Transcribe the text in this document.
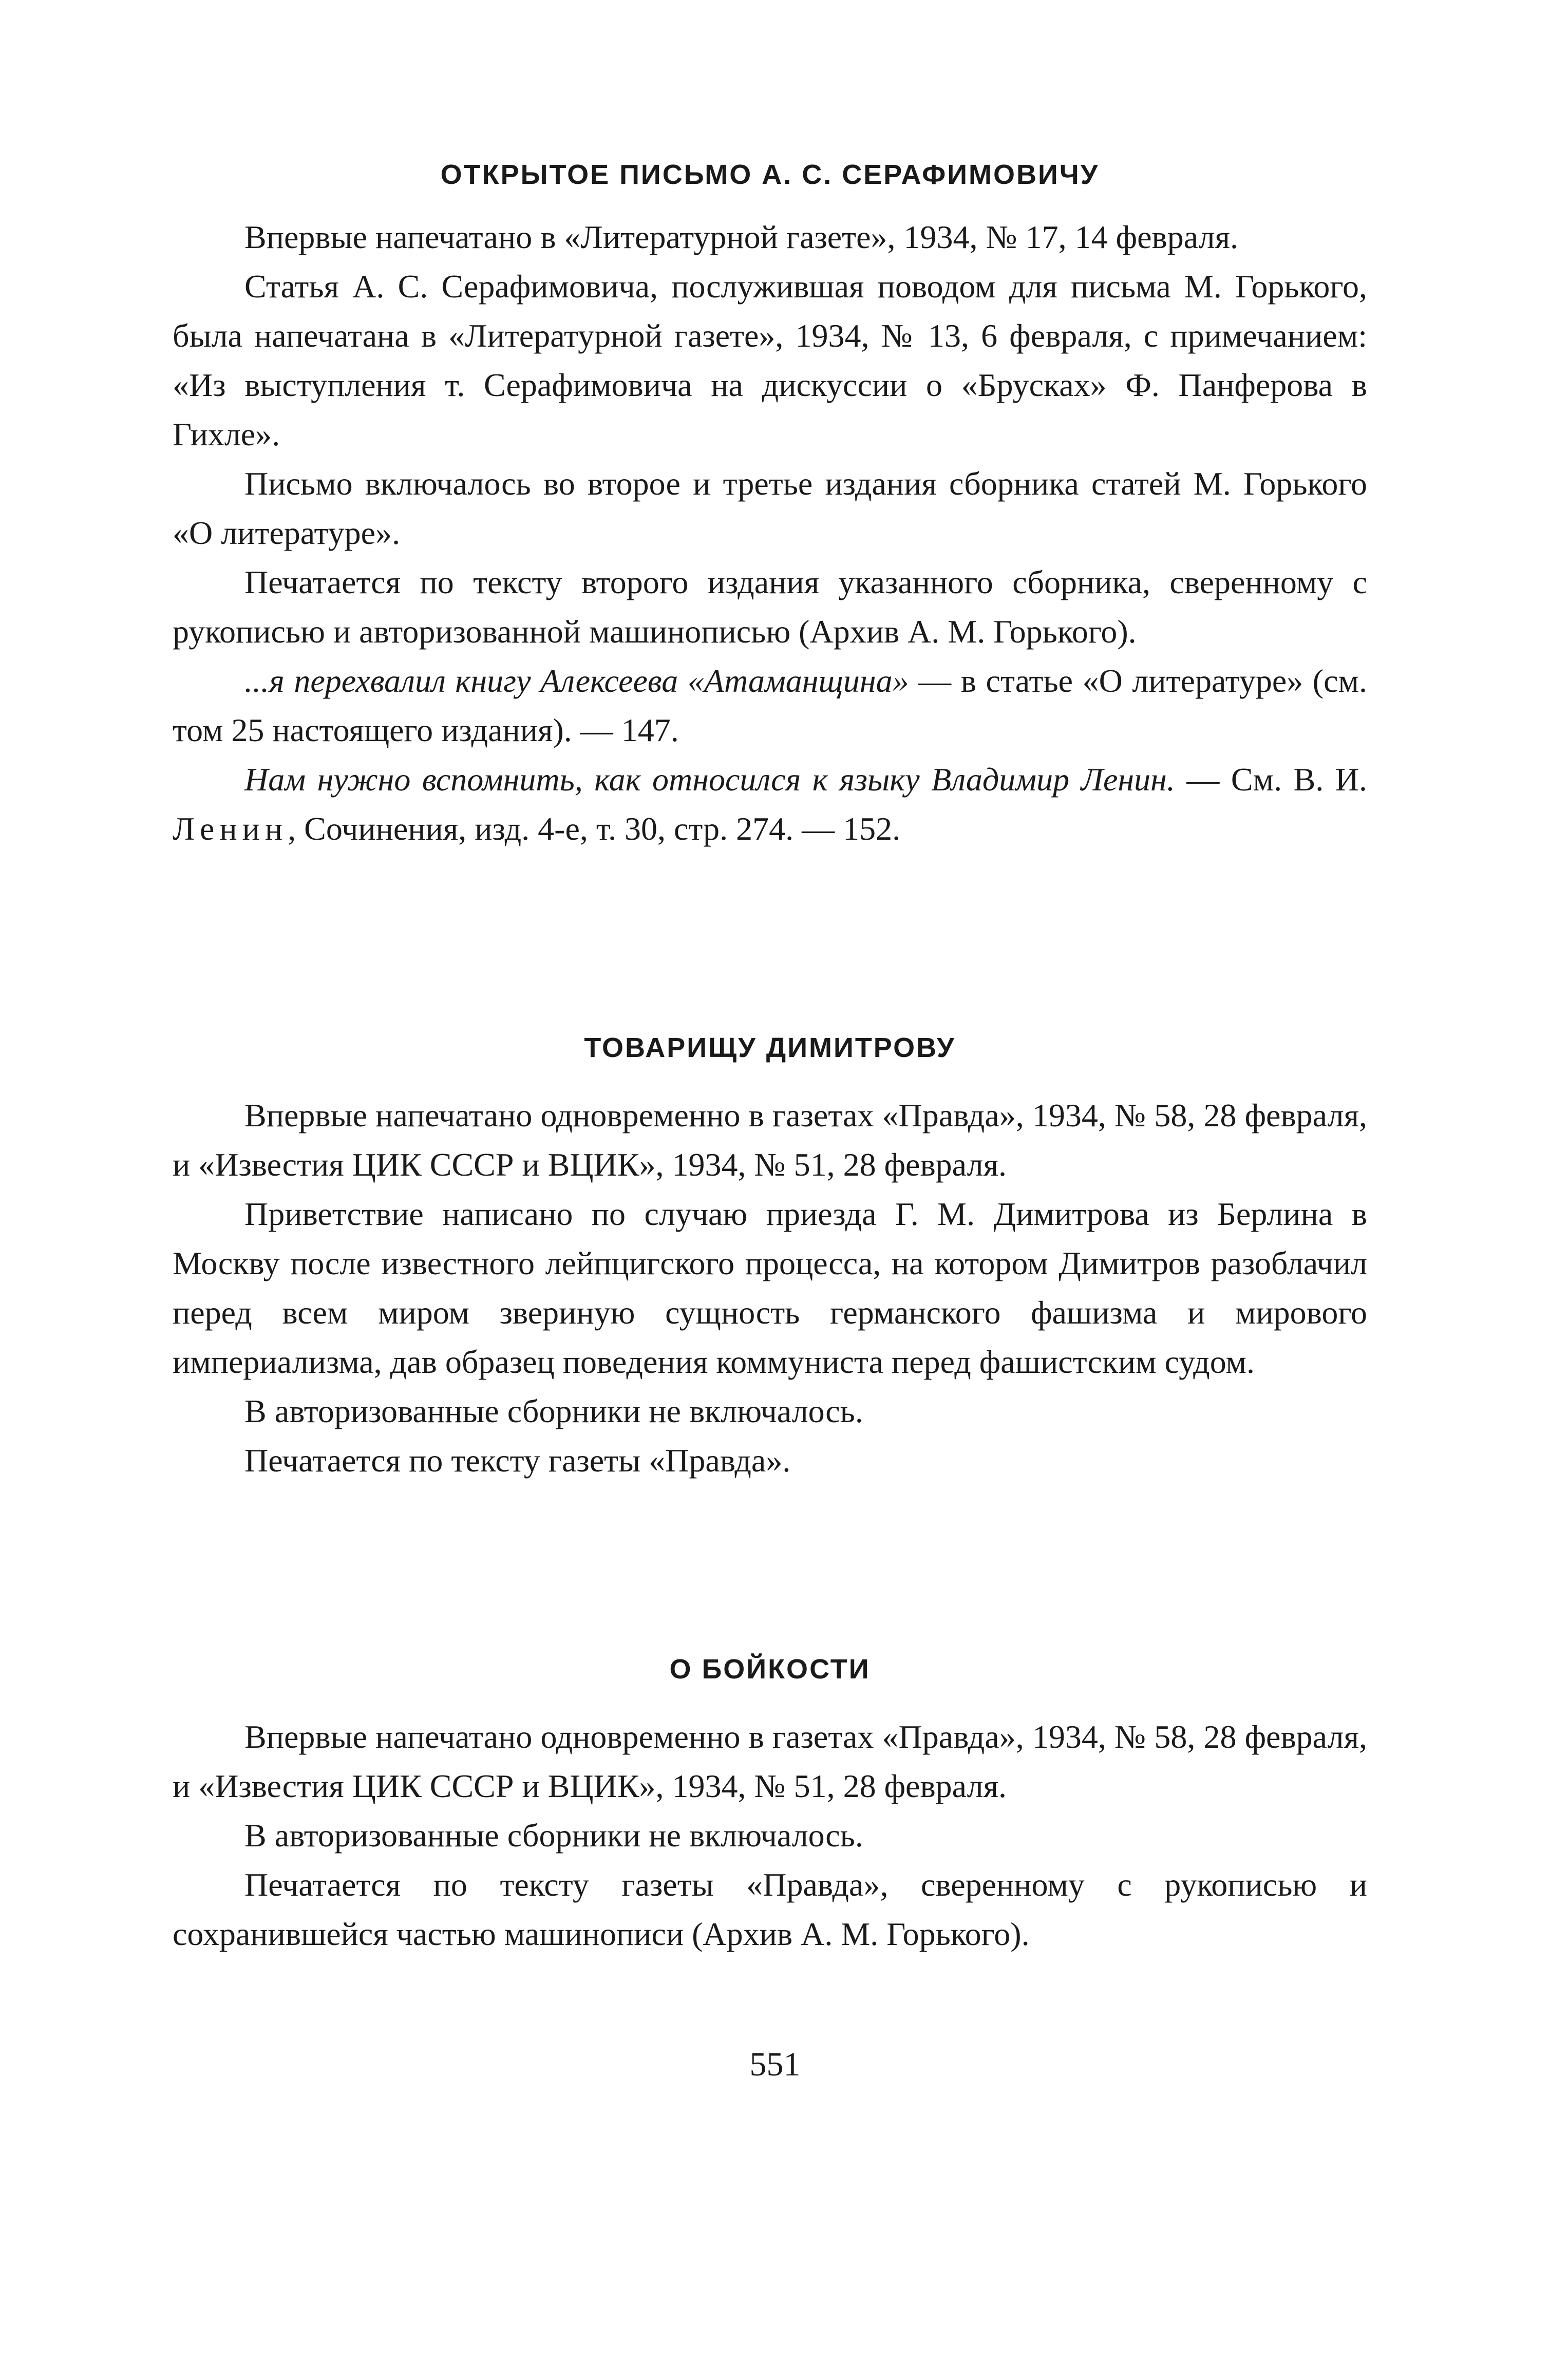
ОТКРЫТОЕ ПИСЬМО А. С. СЕРАФИМОВИЧУ

Впервые напечатано в «Литературной газете», 1934, № 17, 14 февраля.

Статья А. С. Серафимовича, послужившая поводом для письма М. Горького, была напечатана в «Литературной газете», 1934, № 13, 6 февраля, с примечанием: «Из выступления т. Серафимовича на дискуссии о «Брусках» Ф. Панферова в Гихле».

Письмо включалось во второе и третье издания сборника статей М. Горького «О литературе».

Печатается по тексту второго издания указанного сборника, сверенному с рукописью и авторизованной машинописью (Архив А. М. Горького).

...я перехвалил книгу Алексеева «Атаманщина» — в статье «О литературе» (см. том 25 настоящего издания). — 147.

Нам нужно вспомнить, как относился к языку Владимир Ленин. — См. В. И. Ленин, Сочинения, изд. 4-е, т. 30, стр. 274. — 152.

ТОВАРИЩУ ДИМИТРОВУ

Впервые напечатано одновременно в газетах «Правда», 1934, № 58, 28 февраля, и «Известия ЦИК СССР и ВЦИК», 1934, № 51, 28 февраля.

Приветствие написано по случаю приезда Г. М. Димитрова из Берлина в Москву после известного лейпцигского процесса, на котором Димитров разоблачил перед всем миром звериную сущность германского фашизма и мирового империализма, дав образец поведения коммуниста перед фашистским судом.

В авторизованные сборники не включалось.

Печатается по тексту газеты «Правда».

О БОЙКОСТИ

Впервые напечатано одновременно в газетах «Правда», 1934, № 58, 28 февраля, и «Известия ЦИК СССР и ВЦИК», 1934, № 51, 28 февраля.

В авторизованные сборники не включалось.

Печатается по тексту газеты «Правда», сверенному с рукописью и сохранившейся частью машинописи (Архив А. М. Горького).

551
